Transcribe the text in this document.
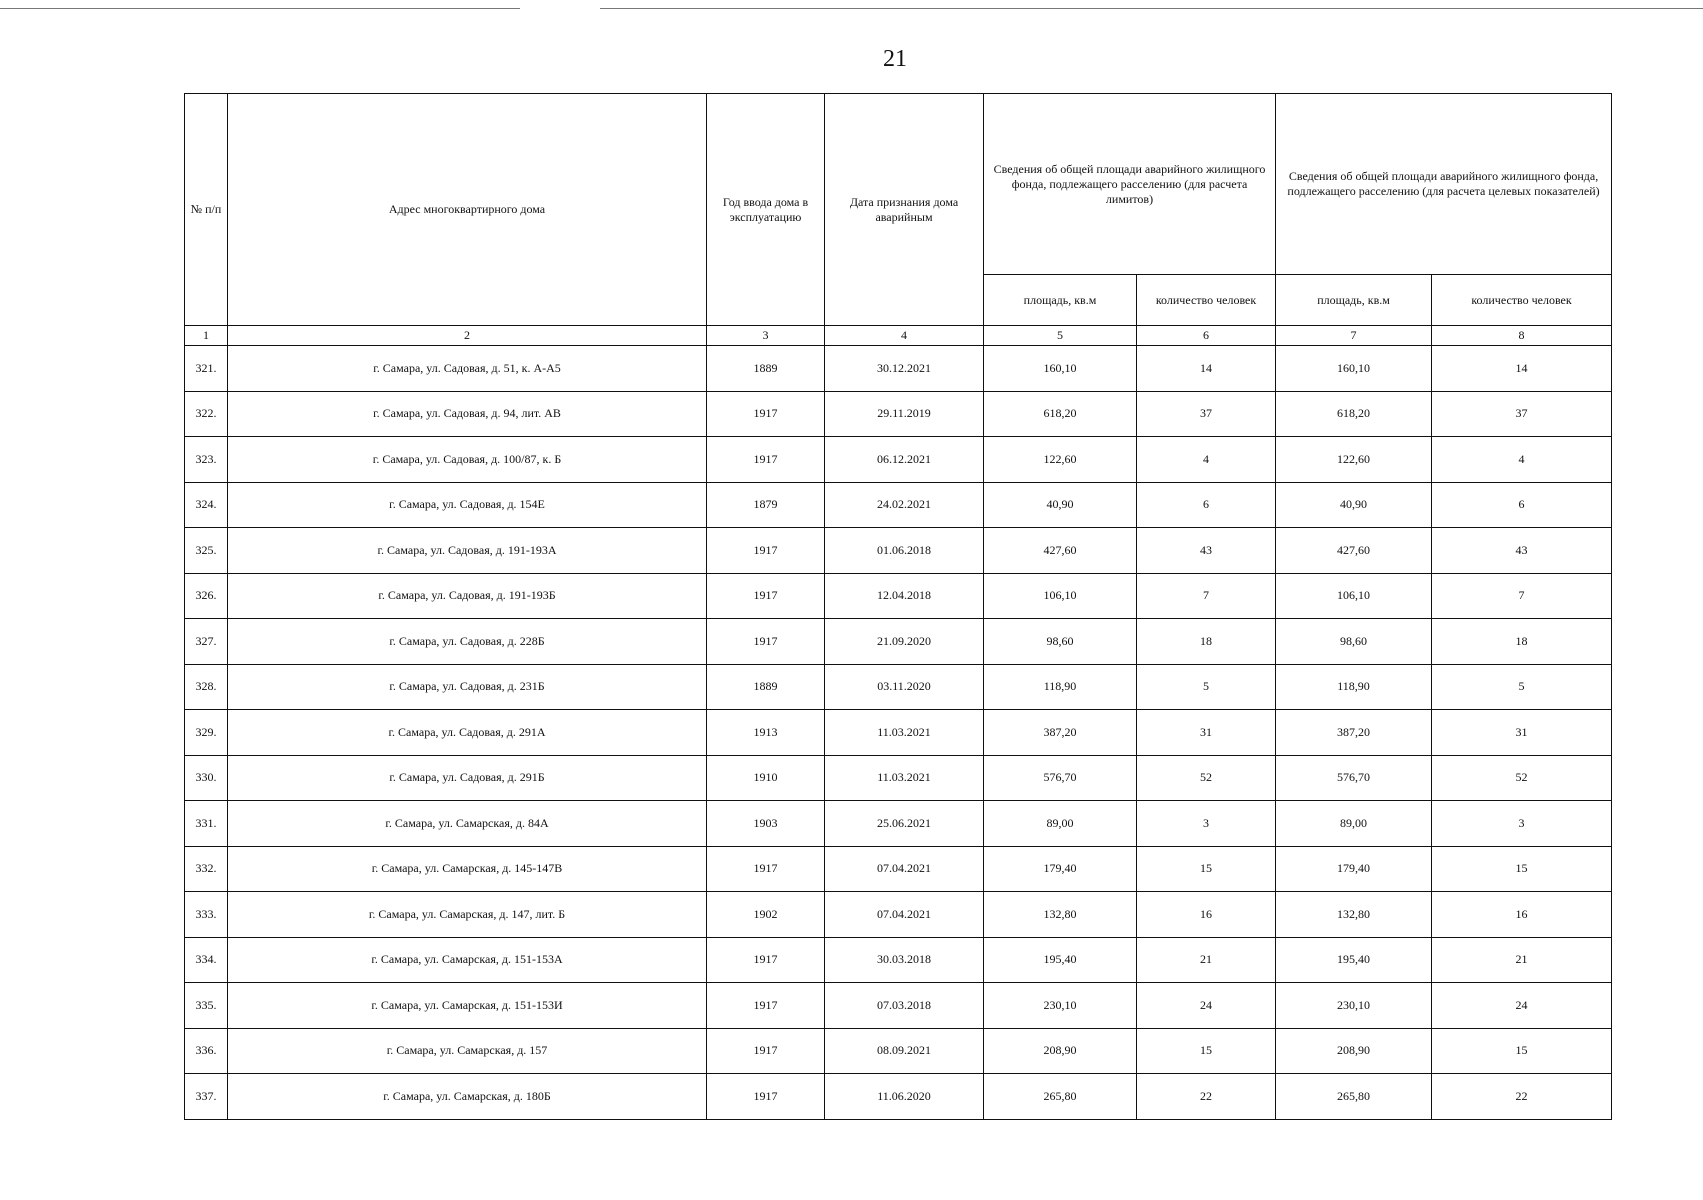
21
№ п/п	Адрес многоквартирного дома	Год ввода дома в эксплуатацию	Дата признания дома аварийным	Сведения об общей площади аварийного жилищного фонда, подлежащего расселению (для расчета лимитов)		Сведения об общей площади аварийного жилищного фонда, подлежащего расселению (для расчета целевых показателей)	
				площадь, кв.м	количество человек	площадь, кв.м	количество человек
1	2	3	4	5	6	7	8
321.	г. Самара, ул. Садовая, д. 51, к. А-А5	1889	30.12.2021	160,10	14	160,10	14
322.	г. Самара, ул. Садовая, д. 94, лит. АВ	1917	29.11.2019	618,20	37	618,20	37
323.	г. Самара, ул. Садовая, д. 100/87, к. Б	1917	06.12.2021	122,60	4	122,60	4
324.	г. Самара, ул. Садовая, д. 154Е	1879	24.02.2021	40,90	6	40,90	6
325.	г. Самара, ул. Садовая, д. 191-193А	1917	01.06.2018	427,60	43	427,60	43
326.	г. Самара, ул. Садовая, д. 191-193Б	1917	12.04.2018	106,10	7	106,10	7
327.	г. Самара, ул. Садовая, д. 228Б	1917	21.09.2020	98,60	18	98,60	18
328.	г. Самара, ул. Садовая, д. 231Б	1889	03.11.2020	118,90	5	118,90	5
329.	г. Самара, ул. Садовая, д. 291А	1913	11.03.2021	387,20	31	387,20	31
330.	г. Самара, ул. Садовая, д. 291Б	1910	11.03.2021	576,70	52	576,70	52
331.	г. Самара, ул. Самарская, д. 84А	1903	25.06.2021	89,00	3	89,00	3
332.	г. Самара, ул. Самарская, д. 145-147В	1917	07.04.2021	179,40	15	179,40	15
333.	г. Самара, ул. Самарская, д. 147, лит. Б	1902	07.04.2021	132,80	16	132,80	16
334.	г. Самара, ул. Самарская, д. 151-153А	1917	30.03.2018	195,40	21	195,40	21
335.	г. Самара, ул. Самарская, д. 151-153И	1917	07.03.2018	230,10	24	230,10	24
336.	г. Самара, ул. Самарская, д. 157	1917	08.09.2021	208,90	15	208,90	15
337.	г. Самара, ул. Самарская, д. 180Б	1917	11.06.2020	265,80	22	265,80	22
